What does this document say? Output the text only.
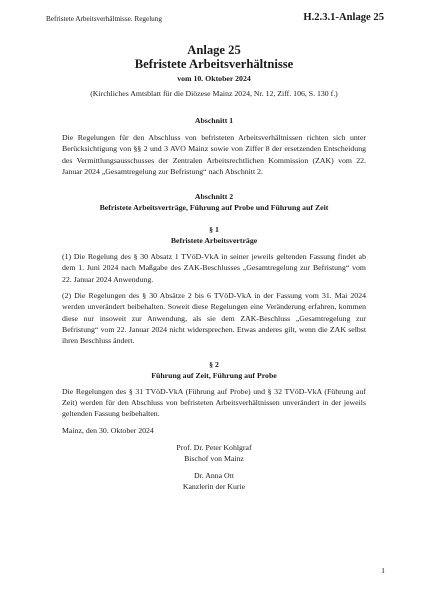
Befristete Arbeitsverhältnisse. Regelung	H.2.3.1-Anlage 25
Anlage 25
Befristete Arbeitsverhältnisse
vom 10. Oktober 2024
(Kirchliches Amtsblatt für die Diözese Mainz 2024, Nr. 12, Ziff. 106, S. 130 f.)
Abschnitt 1
Die Regelungen für den Abschluss von befristeten Arbeitsverhältnissen richten sich unter Berücksichtigung von §§ 2 und 3 AVO Mainz sowie von Ziffer 8 der ersetzenden Entscheidung des Vermittlungsausschusses der Zentralen Arbeitsrechtlichen Kommission (ZAK) vom 22. Januar 2024 „Gesamtregelung zur Befristung“ nach Abschnitt 2.
Abschnitt 2
Befristete Arbeitsverträge, Führung auf Probe und Führung auf Zeit
§ 1
Befristete Arbeitsverträge
(1) Die Regelung des § 30 Absatz 1 TVöD-VkA in seiner jeweils geltenden Fassung findet ab dem 1. Juni 2024 nach Maßgabe des ZAK-Beschlusses „Gesamtregelung zur Befristung“ vom 22. Januar 2024 Anwendung.
(2) Die Regelungen des § 30 Absätze 2 bis 6 TVöD-VkA in der Fassung vom 31. Mai 2024 werden unverändert beibehalten. Soweit diese Regelungen eine Veränderung erfahren, kommen diese nur insoweit zur Anwendung, als sie dem ZAK-Beschluss „Gesamtregelung zur Befristung“ vom 22. Januar 2024 nicht widersprechen. Etwas anderes gilt, wenn die ZAK selbst ihren Beschluss ändert.
§ 2
Führung auf Zeit, Führung auf Probe
Die Regelungen des § 31 TVöD-VkA (Führung auf Probe) und § 32 TVöD-VkA (Führung auf Zeit) werden für den Abschluss von befristeten Arbeitsverhältnissen unverändert in der jeweils geltenden Fassung beibehalten.
Mainz, den 30. Oktober 2024
Prof. Dr. Peter Kohlgraf
Bischof von Mainz
Dr. Anna Ott
Kanzlerin der Kurie
1
